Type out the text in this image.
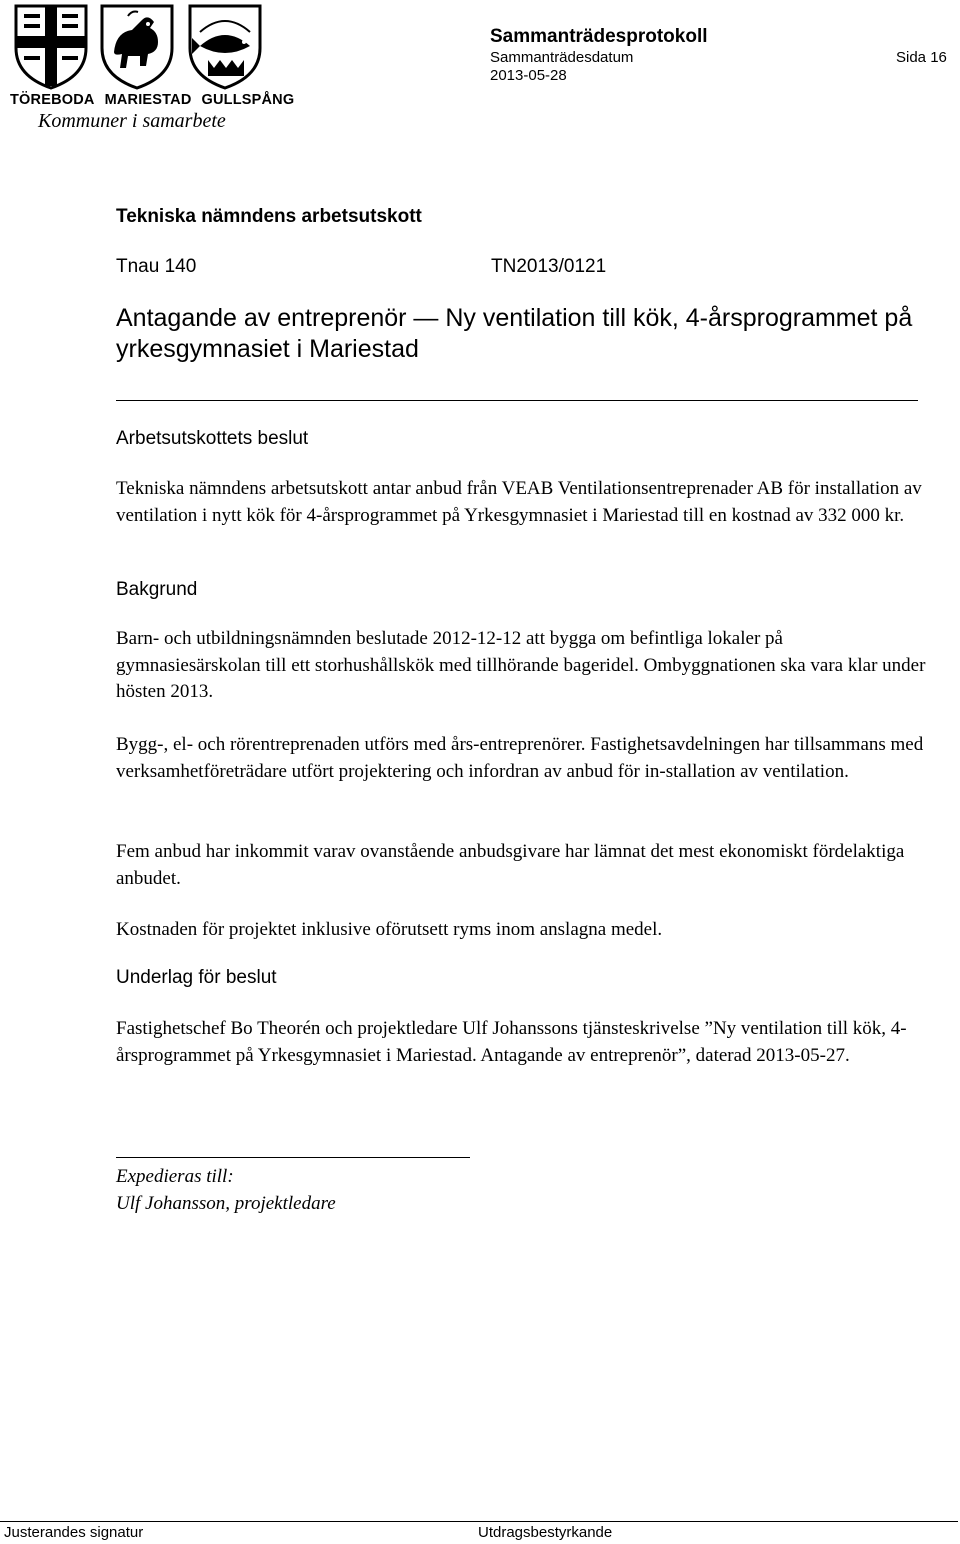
TÖREBODA MARIESTAD GULLSPÅNG
Kommuner i samarbete
Sammanträdesprotokoll
Sammanträdesdatum
2013-05-28
Sida 16
Tekniska nämndens arbetsutskott
Tnau 140	TN2013/0121
Antagande av entreprenör — Ny ventilation till kök, 4-årsprogrammet på yrkesgymnasiet i Mariestad
Arbetsutskottets beslut
Tekniska nämndens arbetsutskott antar anbud från VEAB Ventilationsentreprenader AB för installation av ventilation i nytt kök för 4-årsprogrammet på Yrkesgymnasiet i Mariestad till en kostnad av 332 000 kr.
Bakgrund
Barn- och utbildningsnämnden beslutade 2012-12-12 att bygga om befintliga lokaler på gymnasiesärskolan till ett storhushållskök med tillhörande bageridel. Ombyggnationen ska vara klar under hösten 2013.
Bygg-, el- och rörentreprenaden utförs med års-entreprenörer. Fastighetsavdelningen har tillsammans med verksamhetföreträdare utfört projektering och infordran av anbud för in-stallation av ventilation.
Fem anbud har inkommit varav ovanstående anbudsgivare har lämnat det mest ekonomiskt fördelaktiga anbudet.
Kostnaden för projektet inklusive oförutsett ryms inom anslagna medel.
Underlag för beslut
Fastighetschef Bo Theorén och projektledare Ulf Johanssons tjänsteskrivelse ”Ny ventilation till kök, 4-årsprogrammet på Yrkesgymnasiet i Mariestad. Antagande av entreprenör”, daterad 2013-05-27.
Expedieras till:
Ulf Johansson, projektledare
Justerandes signatur	Utdragsbestyrkande
